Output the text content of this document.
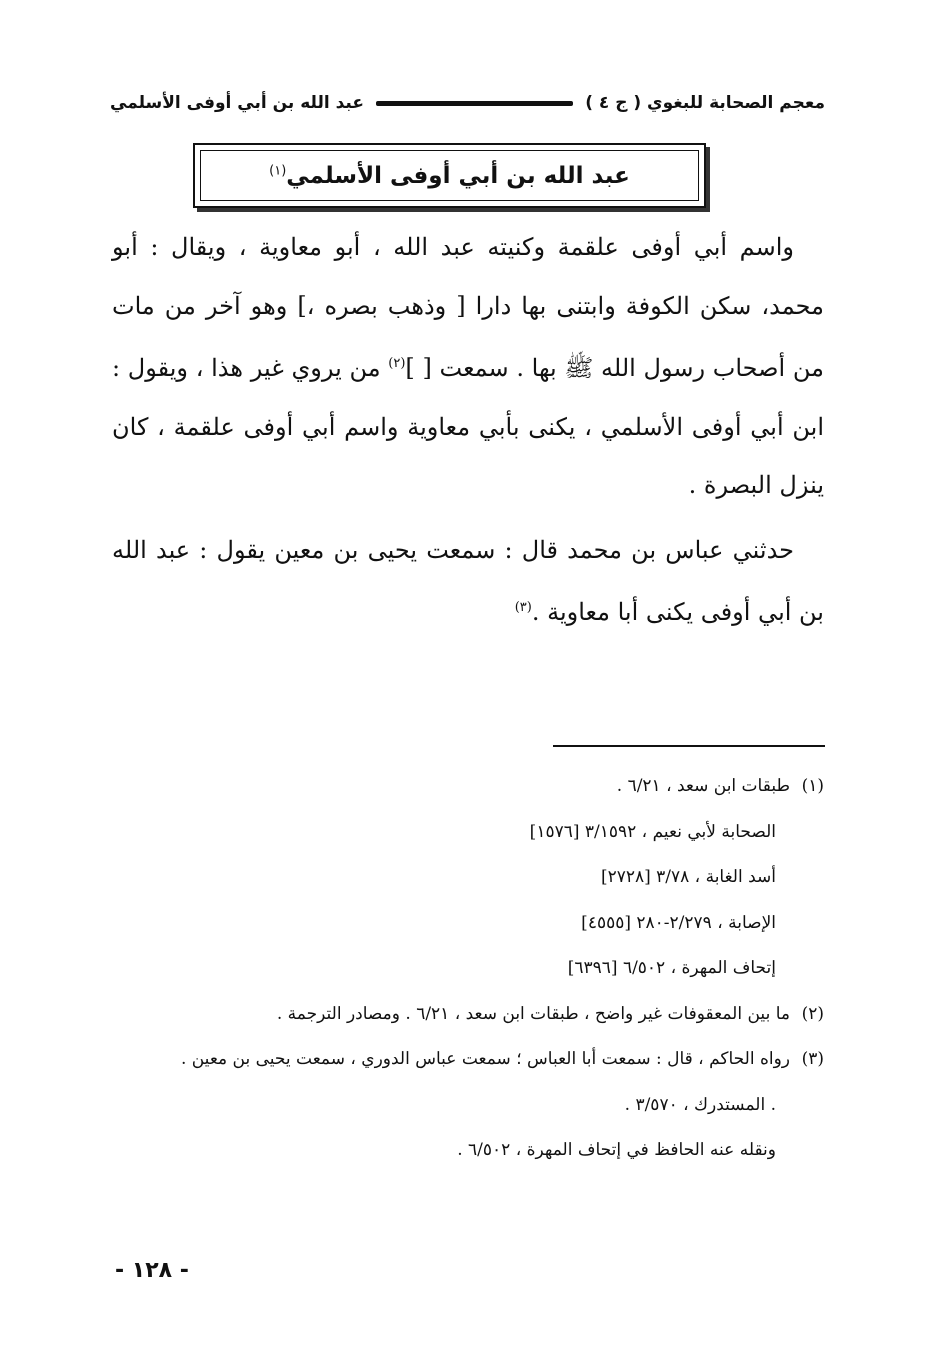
معجم الصحابة للبغوي ( ج ٤ )
عبد الله بن أبي أوفى الأسلمي
عبد الله بن أبي أوفى الأسلمي$^{(١)}$

واسم أبي أوفى علقمة وكنيته عبد الله ، أبو معاوية ، ويقال : أبو محمد، سكن الكوفة وابتنى بها دارا [ وذهب بصره ،] وهو آخر من مات من أصحاب رسول الله ﷺ بها . سمعت [ ]$^{(٢)}$ من يروي غير هذا ، ويقول : ابن أبي أوفى الأسلمي ، يكنى بأبي معاوية واسم أبي أوفى علقمة ، كان ينزل البصرة .

حدثني عباس بن محمد قال : سمعت يحيى بن معين يقول : عبد الله بن أبي أوفى يكنى أبا معاوية .$^{(٣)}$

(١)
طبقات ابن سعد ، ٦/٢١ .
الصحابة لأبي نعيم ، ٣/١٥٩٢ [١٥٧٦]
أسد الغابة ، ٣/٧٨ [٢٧٢٨]
الإصابة ، ٢/٢٧٩-٢٨٠ [٤٥٥٥]
إتحاف المهرة ، ٦/٥٠٢ [٦٣٩٦]
(٢)
ما بين المعقوفات غير واضح ، طبقات ابن سعد ، ٦/٢١ . ومصادر الترجمة .
(٣)
رواه الحاكم ، قال : سمعت أبا العباس ؛ سمعت عباس الدوري ، سمعت يحيى بن معين .
. المستدرك ، ٣/٥٧٠ .
ونقله عنه الحافظ في إتحاف المهرة ، ٦/٥٠٢ .
- ١٢٨ -
